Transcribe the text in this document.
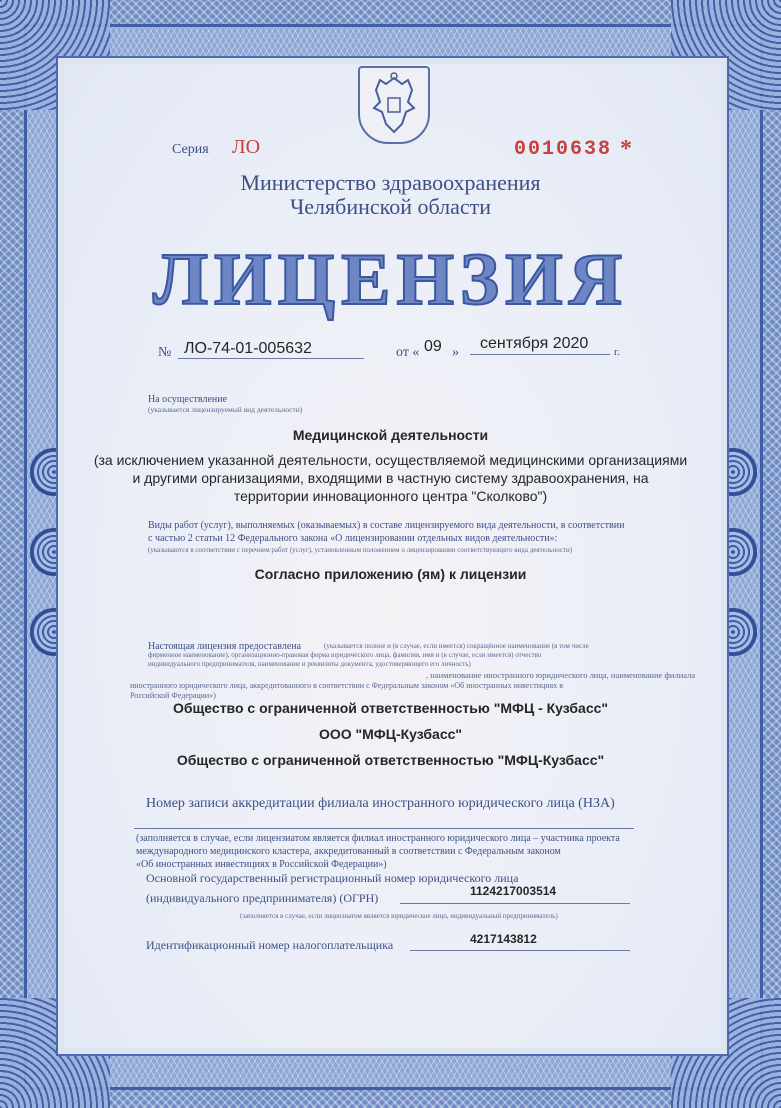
Серия ЛО	0010638 *
Министерство здравоохранения
Челябинской области
ЛИЦЕНЗИЯ
№ ЛО-74-01-005632	от « 09 »
сентября 2020 г.
На осуществление
(указывается лицензируемый вид деятельности)
Медицинской деятельности
(за исключением указанной деятельности, осуществляемой медицинскими организациями
и другими организациями, входящими в частную систему здравоохранения, на
территории инновационного центра "Сколково")
Виды работ (услуг), выполняемых (оказываемых) в составе лицензируемого вида деятельности, в соответствии
с частью 2 статьи 12 Федерального закона «О лицензировании отдельных видов деятельности»:
(указываются в соответствии с перечнем работ (услуг), установленным положением о лицензировании соответствующего вида деятельности)
Согласно приложению (ям) к лицензии
Настоящая лицензия предоставлена	(указывается полное и (в случае, если имеется) сокращённое наименование (в том числе
фирменное наименование), организационно-правовая форма юридического лица, фамилия, имя и (в случае, если имеется) отчество
индивидуального предпринимателя, наименование и реквизиты документа, удостоверяющего его личность)
, наименование иностранного юридического лица, наименование филиала
иностранного юридического лица, аккредитованного в соответствии с Федеральным законом «Об иностранных инвестициях в
Российской Федерации»)
Общество с ограниченной ответственностью "МФЦ - Кузбасс"
ООО "МФЦ-Кузбасс"
Общество с ограниченной ответственностью "МФЦ-Кузбасс"
Номер записи аккредитации филиала иностранного юридического лица (НЗА)
(заполняется в случае, если лицензиатом является филиал иностранного юридического лица – участника проекта
международного медицинского кластера, аккредитованный в соответствии с Федеральным законом
«Об иностранных инвестициях в Российской Федерации»)
Основной государственный регистрационный номер юридического лица
(индивидуального предпринимателя) (ОГРН)	1124217003514
(заполняется в случае, если лицензиатом является юридическое лицо, индивидуальный предприниматель)
Идентификационный номер налогоплательщика	4217143812
